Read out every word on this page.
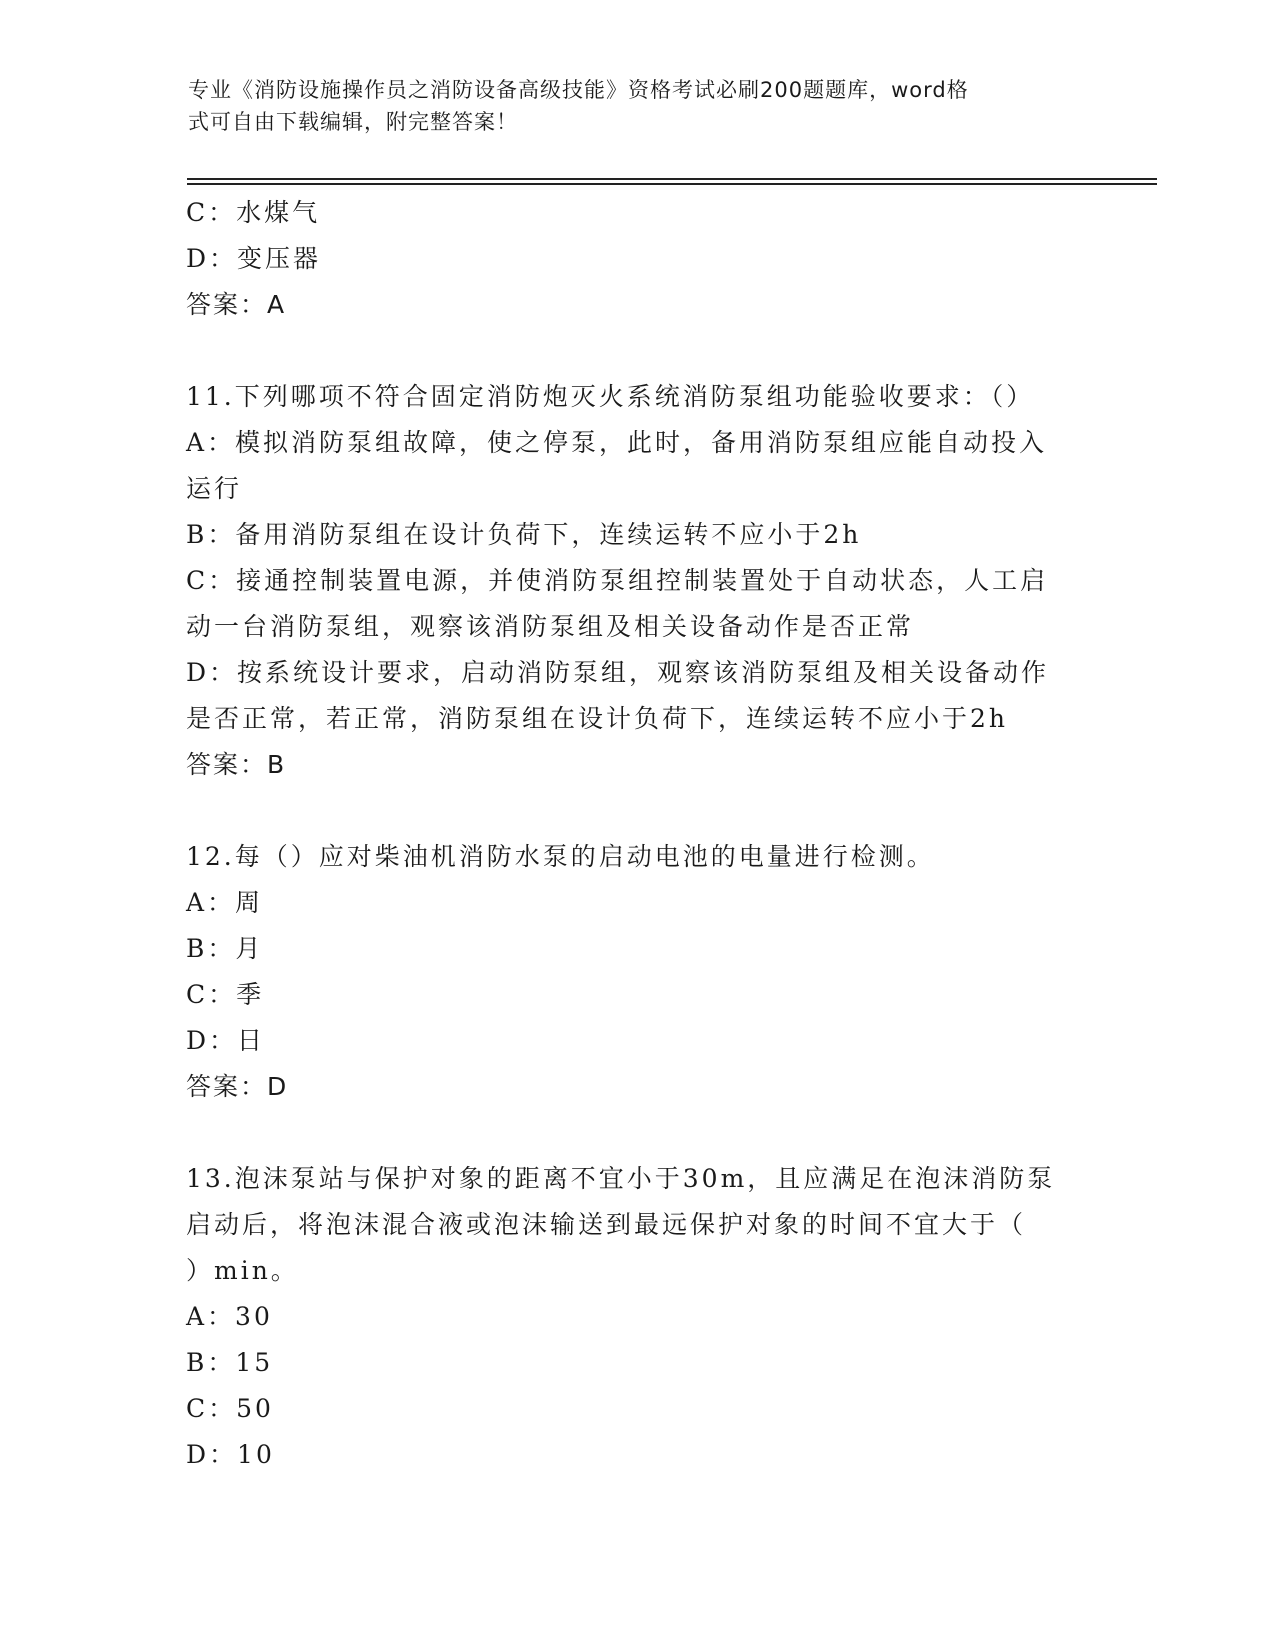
专业《消防设施操作员之消防设备高级技能》资格考试必刷200题题库，word格
式可自由下载编辑，附完整答案！
C：水煤气
D：变压器
答案：A
11.下列哪项不符合固定消防炮灭火系统消防泵组功能验收要求：（）
A：模拟消防泵组故障，使之停泵，此时，备用消防泵组应能自动投入
运行
B：备用消防泵组在设计负荷下，连续运转不应小于2h
C：接通控制装置电源，并使消防泵组控制装置处于自动状态，人工启
动一台消防泵组，观察该消防泵组及相关设备动作是否正常
D：按系统设计要求，启动消防泵组，观察该消防泵组及相关设备动作
是否正常，若正常，消防泵组在设计负荷下，连续运转不应小于2h
答案：B
12.每（）应对柴油机消防水泵的启动电池的电量进行检测。
A：周
B：月
C：季
D：日
答案：D
13.泡沫泵站与保护对象的距离不宜小于30m，且应满足在泡沫消防泵
启动后，将泡沫混合液或泡沫输送到最远保护对象的时间不宜大于（
）min。
A：30
B：15
C：50
D：10
